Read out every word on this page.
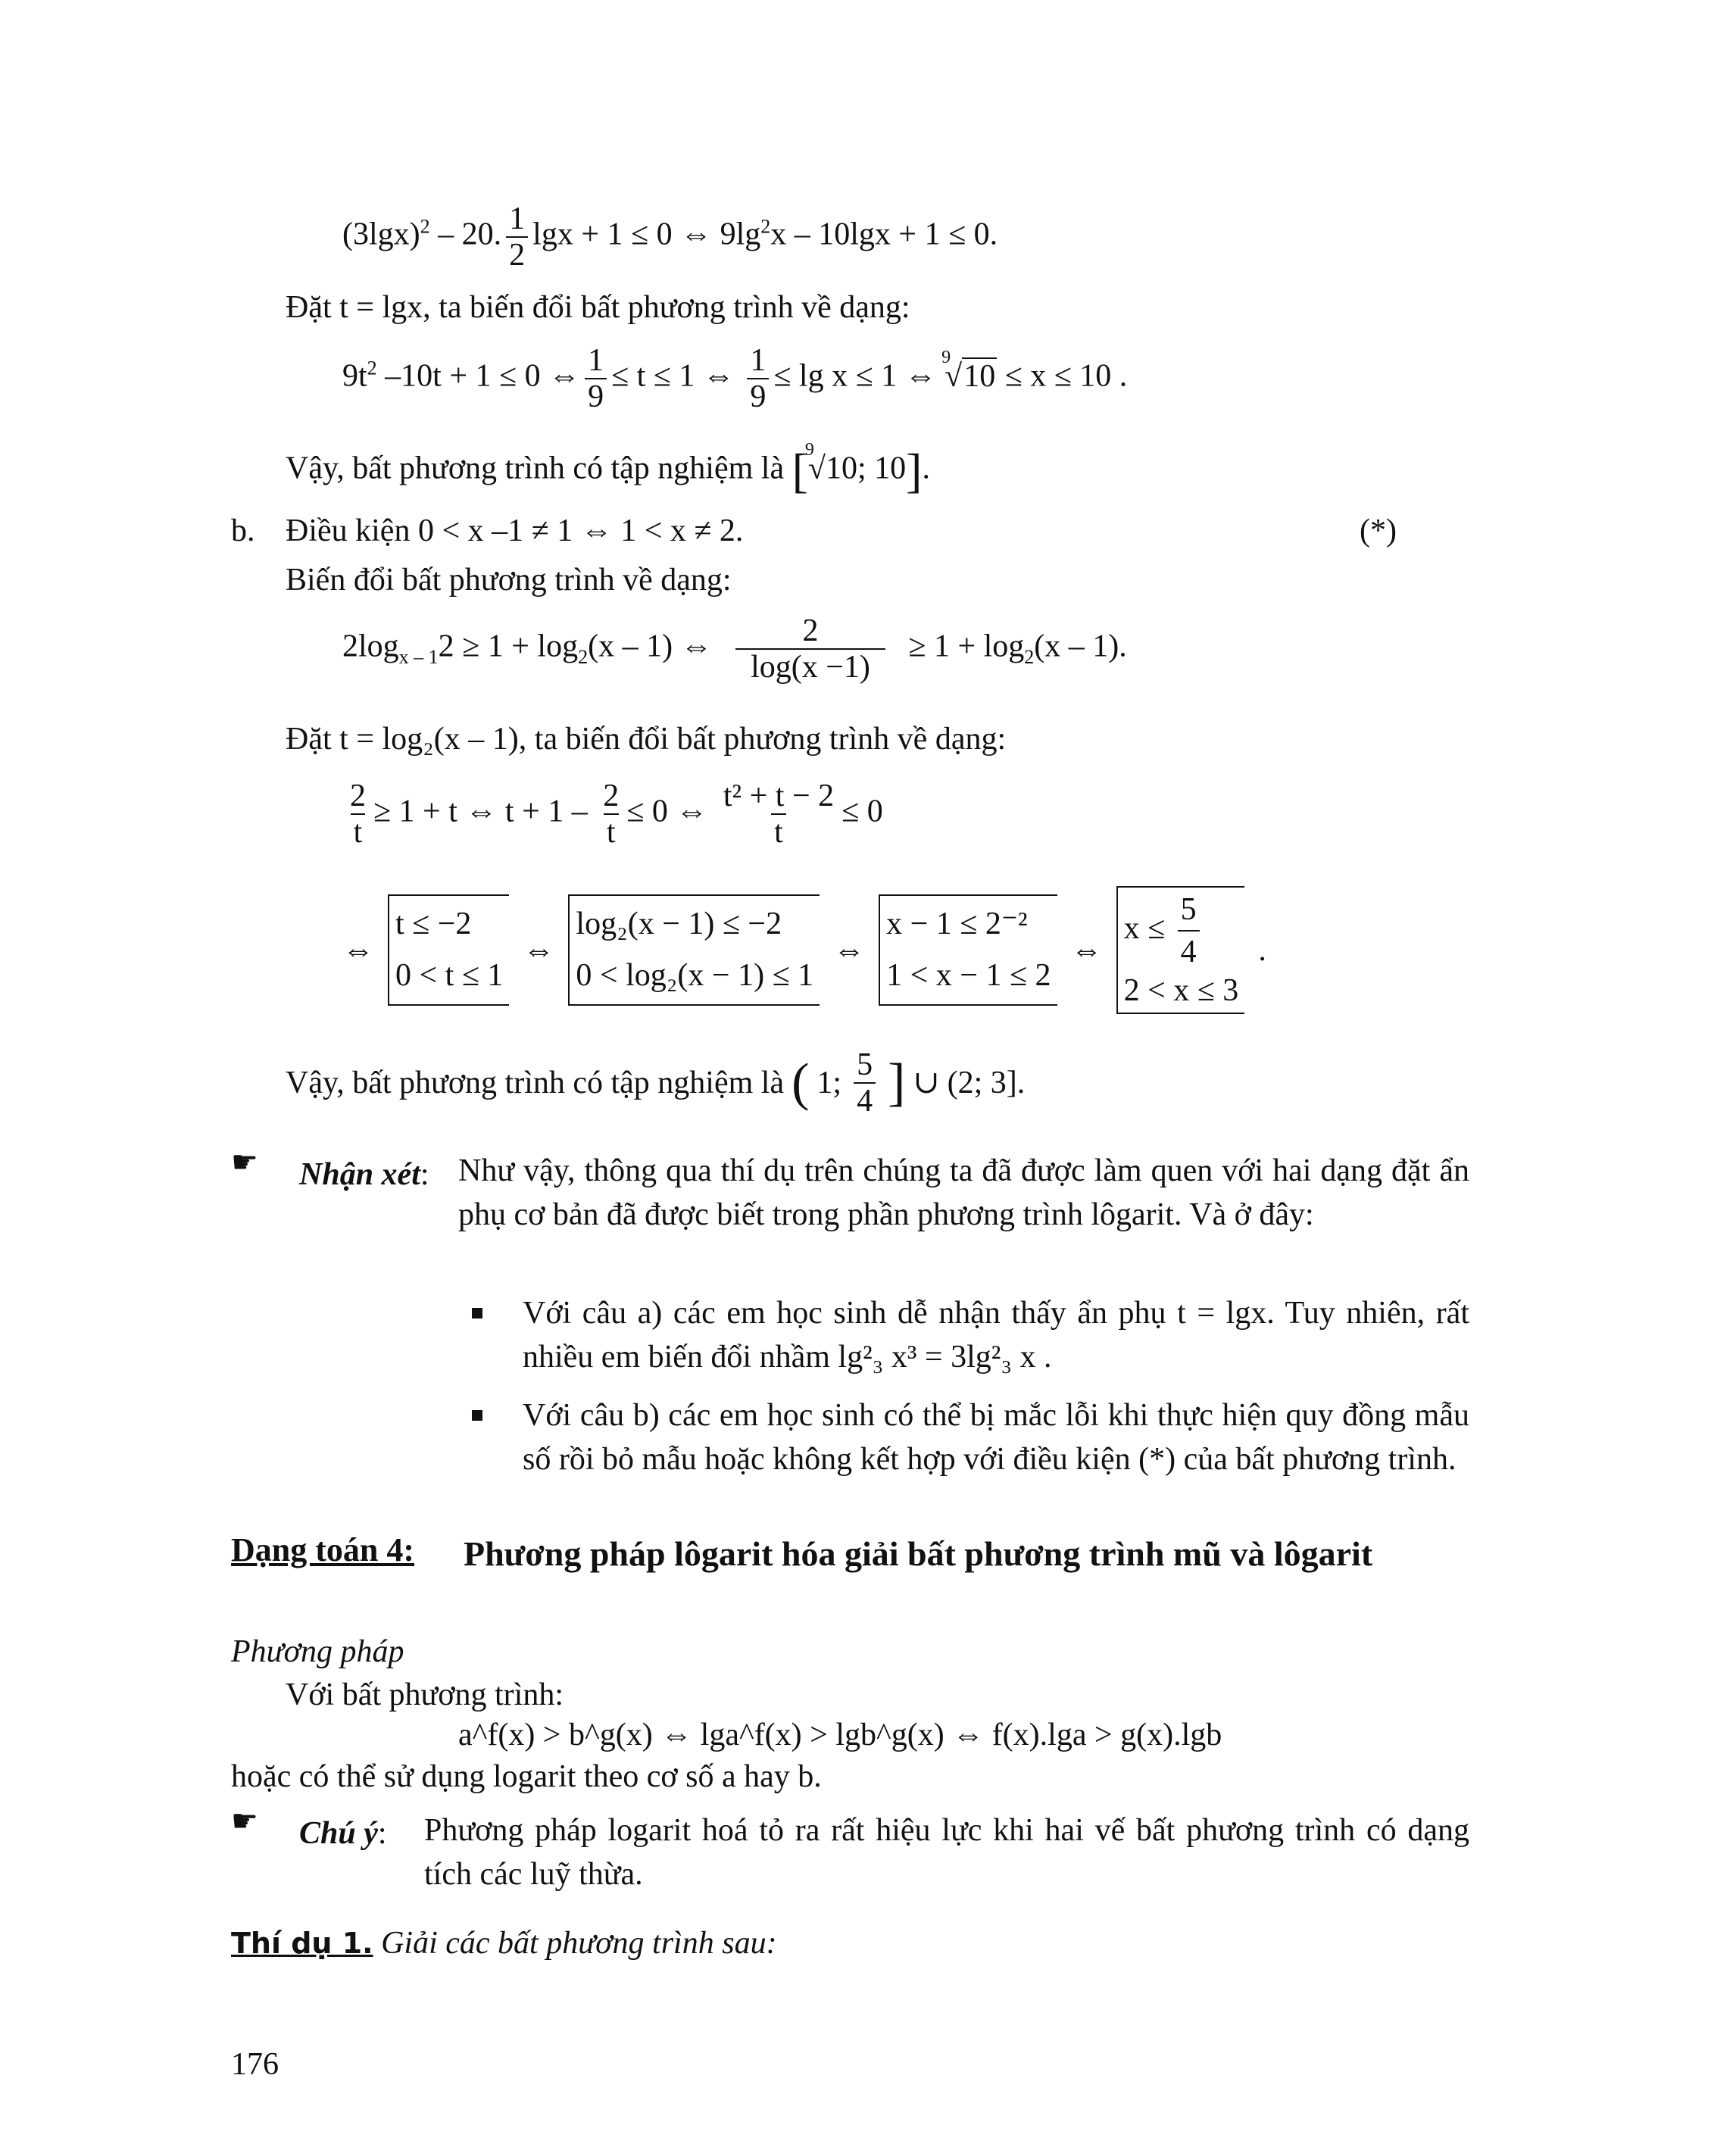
$(3\lg x)^2 - 20$. $\frac{1}{2}$ lgx + 1 ≤ 0 ⇔ $9\lg^2x - 10\lg x + 1 \le 0$.
Đặt t = lgx, ta biến đổi bất phương trình về dạng:
$9t^2$ –10t + 1 ≤ 0 ⇔ $\frac{1}{9} \le t \le 1$ ⇔ $\frac{1}{9} \le \lg x \le 1$ ⇔
9
√10 ≤ x ≤ 10 .
Vậy, bất phương trình có tập nghiệm là [
9
√10; 10].
b. Điều kiện 0 < x –1 ≠ 1 ⇔ 1 < x ≠ 2.	(*)
Biến đổi bất phương trình về dạng:
$2\log_{x - 1}2 \ge 1 + \log_2(x - 1)$ ⇔ $\frac{2}{\log(x -1)} \ge 1 + \log_2(x - 1)$.
Đặt t = log₂(x – 1), ta biến đổi bất phương trình về dạng:
$\frac{2}{t} \ge 1 + t$ ⇔ $t + 1 - \frac{2}{t} \le 0$ ⇔ $\frac{\text{t² + t − 2}}{t} \le 0$
⇔
t ≤ −2
0 < t ≤ 1
⇔
log₂(x − 1) ≤ −2
0 < log₂(x − 1) ≤ 1
⇔
x − 1 ≤ 2⁻²
1 < x − 1 ≤ 2
⇔
$x \le \frac{5}{4}$

2 < x ≤ 3
.
Vậy, bất phương trình có tập nghiệm là ( 1; $\frac{5}{4}$ ] ∪ (2; 3].
☛ Nhận xét: Như vậy, thông qua thí dụ trên chúng ta đã được làm quen với hai dạng đặt ẩn phụ cơ bản đã được biết trong phần phương trình lôgarit. Và ở đây:
Với câu a) các em học sinh dễ nhận thấy ẩn phụ t = lgx. Tuy nhiên, rất nhiều em biến đổi nhầm lg²₃ x³ = 3lg²₃ x .
Với câu b) các em học sinh có thể bị mắc lỗi khi thực hiện quy đồng mẫu số rồi bỏ mẫu hoặc không kết hợp với điều kiện (*) của bất phương trình.
Dạng toán 4: Phương pháp lôgarit hóa giải bất phương trình mũ và lôgarit
Phương pháp
Với bất phương trình:
a^f(x) > b^g(x) ⇔ lga^f(x) > lgb^g(x) ⇔ f(x).lga > g(x).lgb
hoặc có thể sử dụng logarit theo cơ số a hay b.
☛ Chú ý: Phương pháp logarit hoá tỏ ra rất hiệu lực khi hai vế bất phương trình có dạng tích các luỹ thừa.
Thí dụ 1. Giải các bất phương trình sau:
176
